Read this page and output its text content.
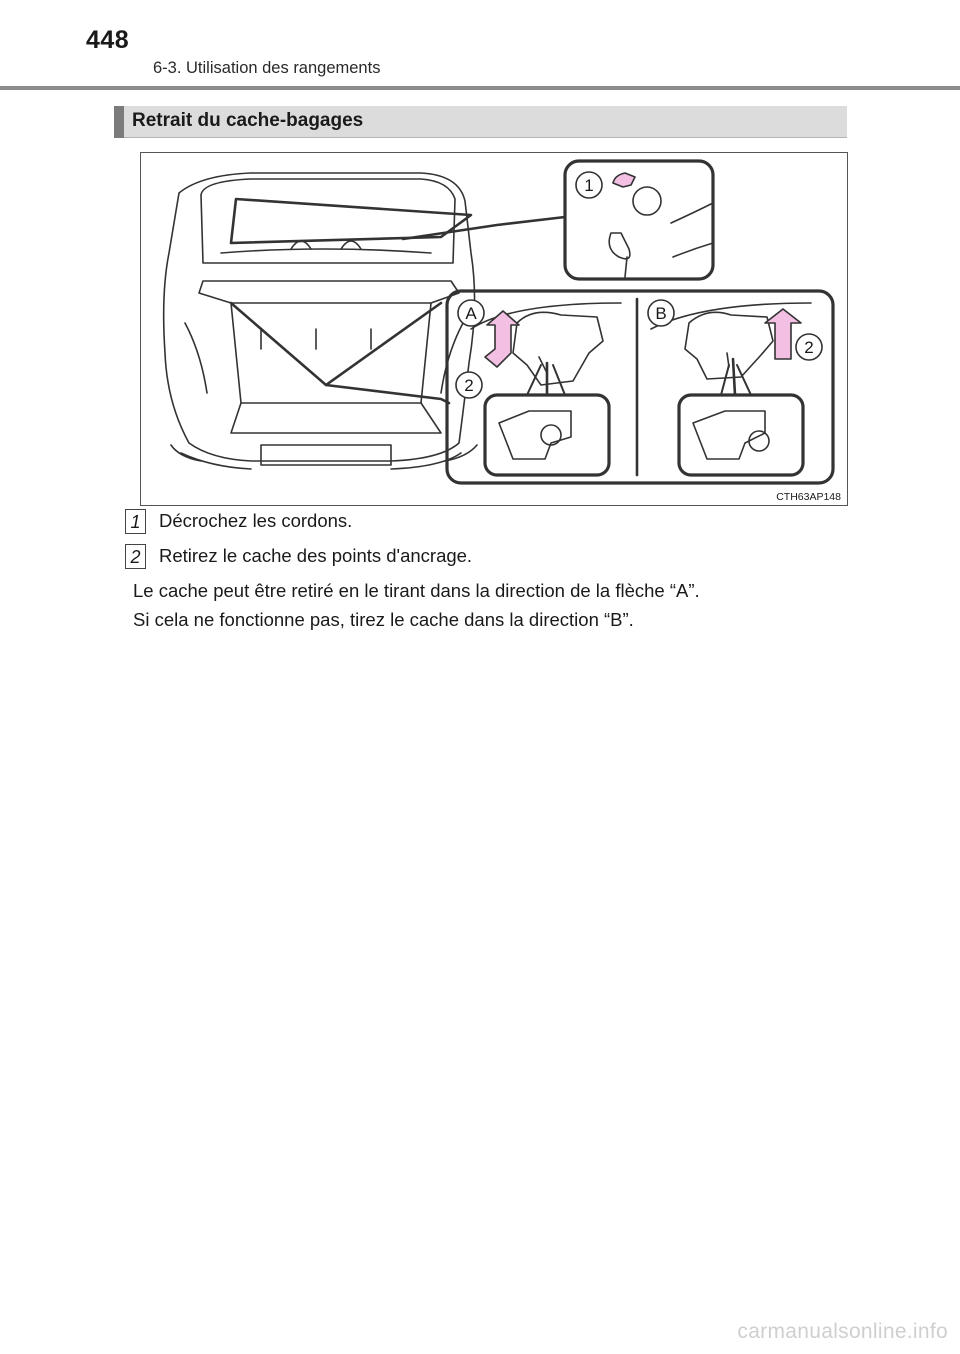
448
6-3. Utilisation des rangements
Retrait du cache-bagages
1
A	B
2
2
CTH63AP148
1 Décrochez les cordons.
2 Retirez le cache des points d'ancrage.
Le cache peut être retiré en le tirant dans la direction de la flèche “A”.
Si cela ne fonctionne pas, tirez le cache dans la direction “B”.
carmanualsonline.info
